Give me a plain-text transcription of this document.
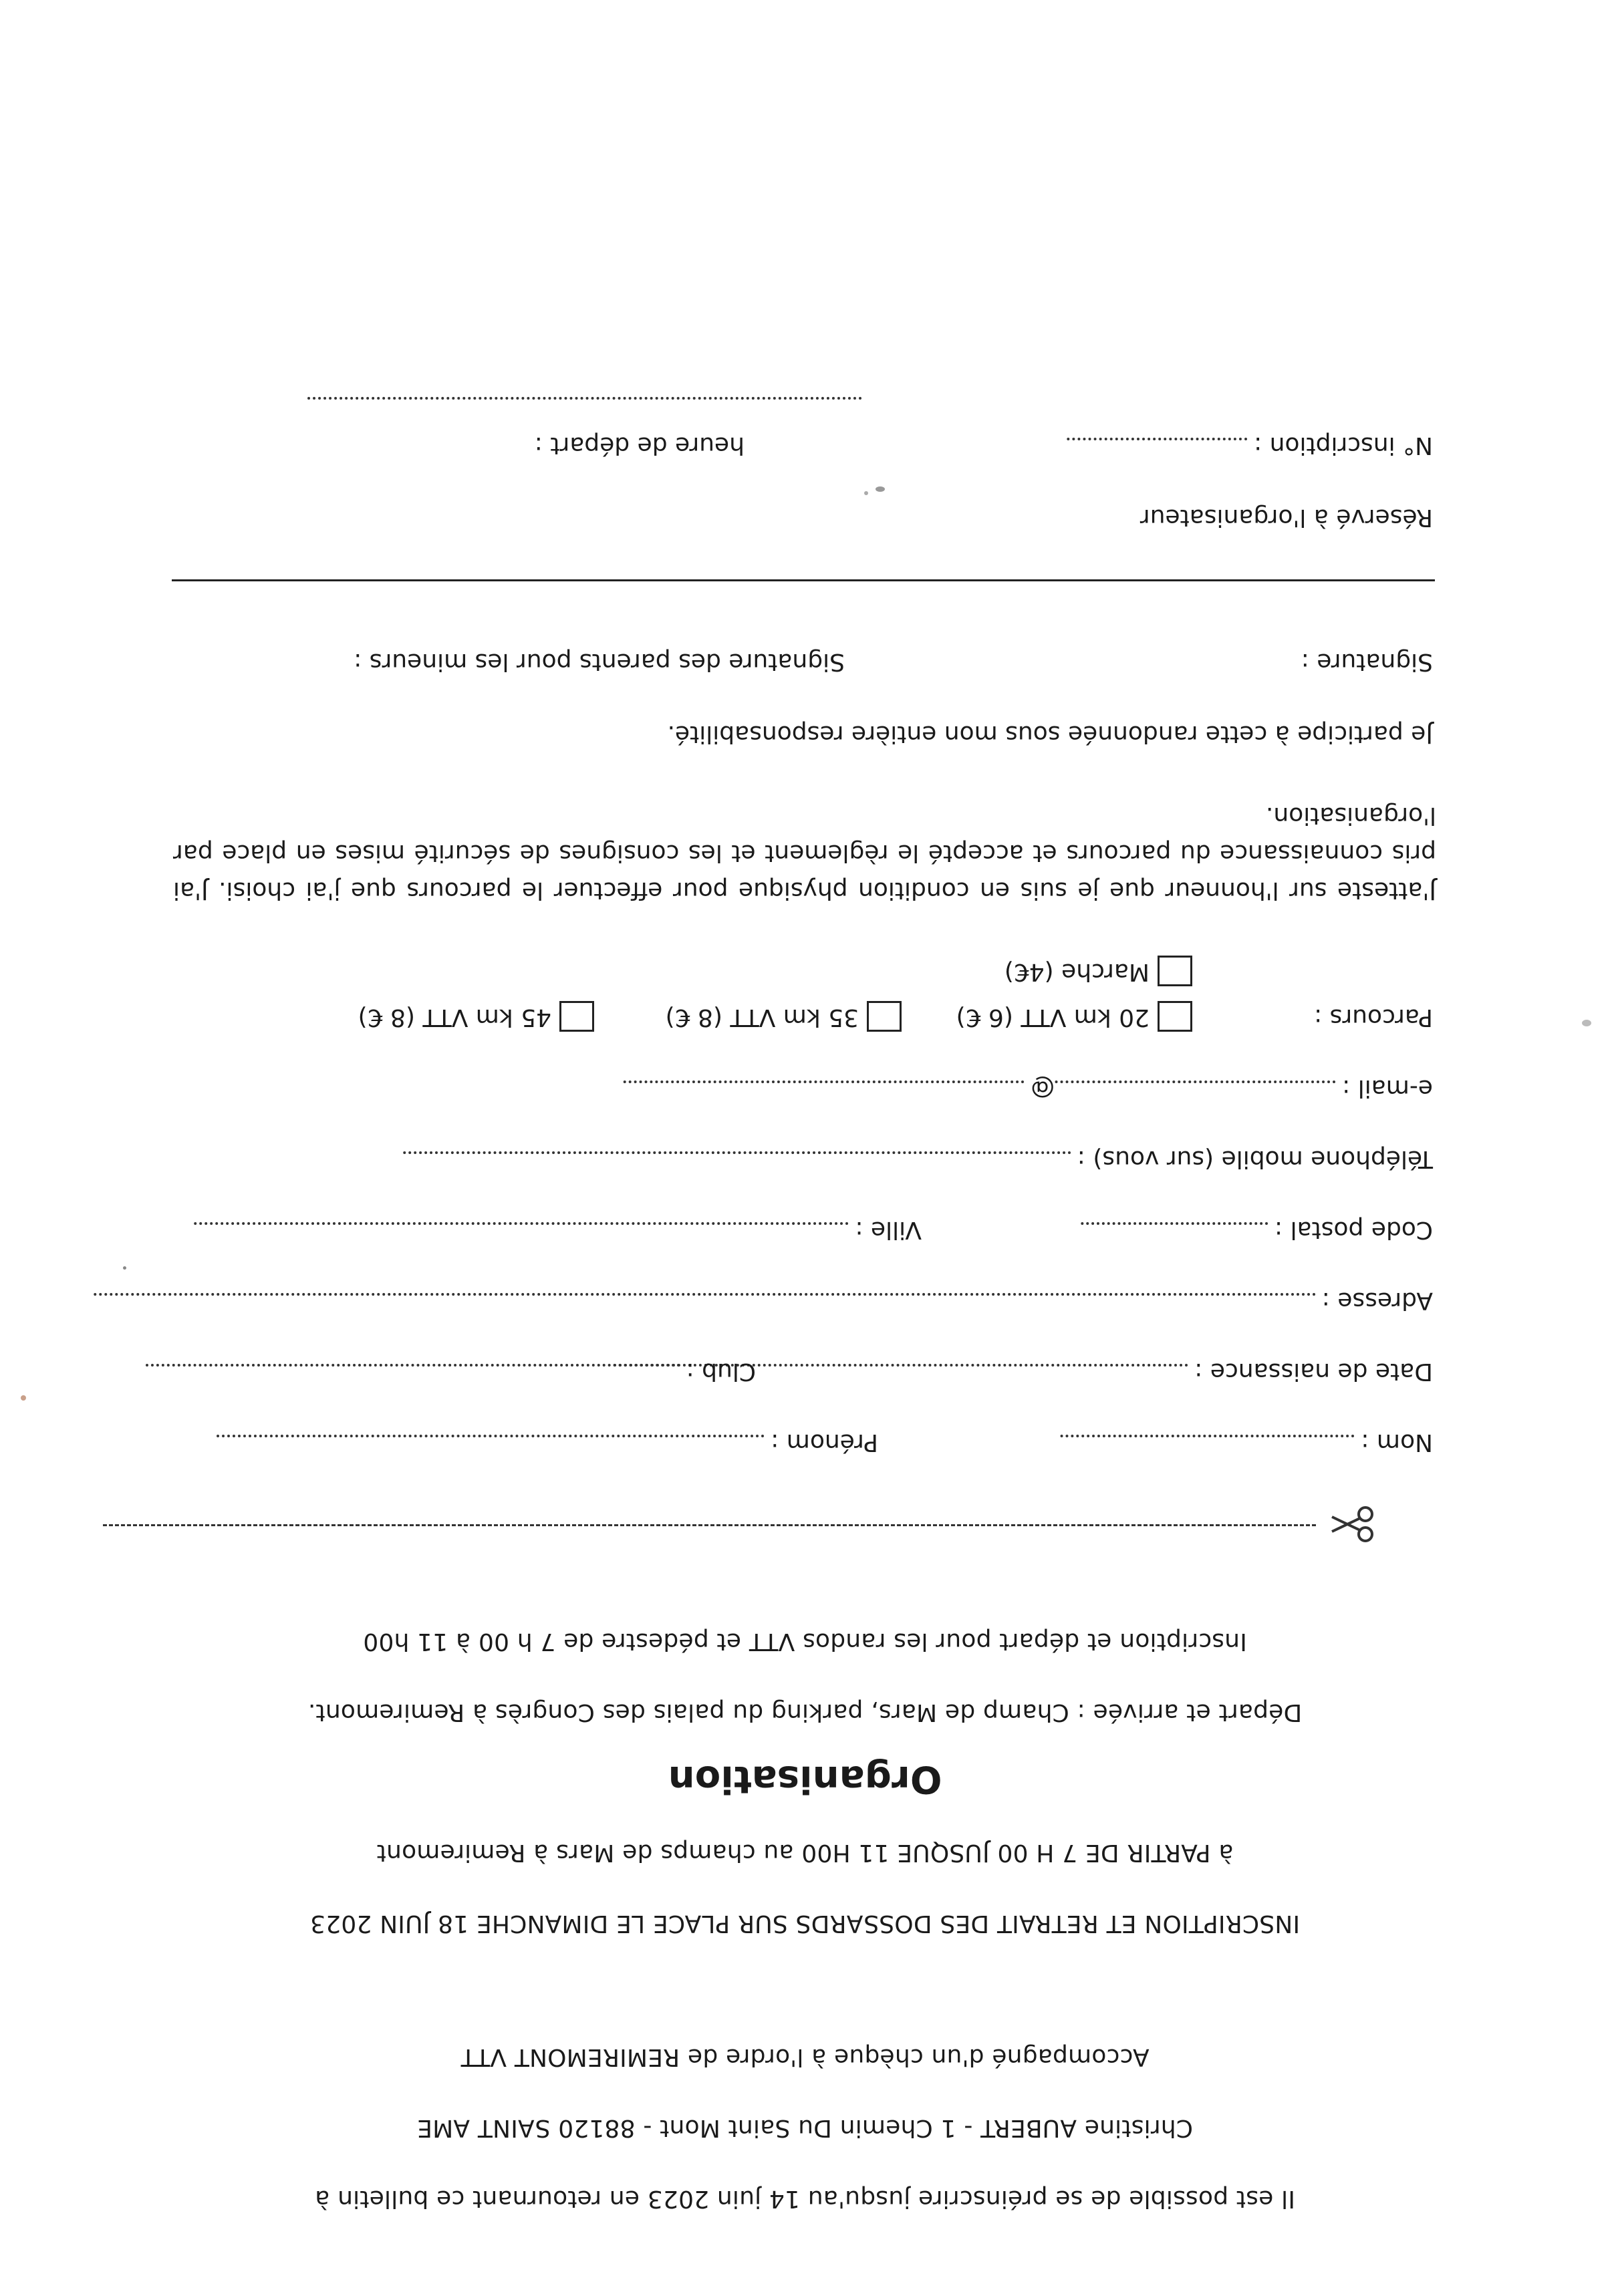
Il est possible de se préinscrire jusqu'au 14 juin 2023 en retournant ce bulletin à
Christine AUBERT - 1 Chemin Du Saint Mont - 88120 SAINT AME
Accompagné d'un chèque à l'ordre de REMIREMONT VTT
INSCRIPTION ET RETRAIT DES DOSSARDS SUR PLACE LE DIMANCHE 18 JUIN 2023
à PARTIR DE 7 H 00 JUSQUE 11 H00 au champs de Mars à Remiremont
Organisation
Départ et arrivée : Champ de Mars, parking du palais des Congrès à Remiremont.
Inscription et départ pour les randos VTT et pédestre de 7 h 00 à 11 h00
Nom :
Prénom :
Date de naissance :
Club :
Adresse :
Code postal :
Ville :
Téléphone mobile (sur vous) :
e-mail :@
Parcours :
20 km VTT (6 €)
35 km VTT (8 €)
45 km VTT (8 €)
Marche (4€)
J'atteste sur l'honneur que je suis en condition physique pour effectuer le parcours que j'ai choisi. J'ai pris connaissance du parcours et accepté le règlement et les consignes de sécurité mises en place par l'organisation.
Je participe à cette randonnée sous mon entière responsabilité.
Signature :
Signature des parents pour les mineurs :
Réservé à l'organisateur
N° inscription :
heure de départ :
